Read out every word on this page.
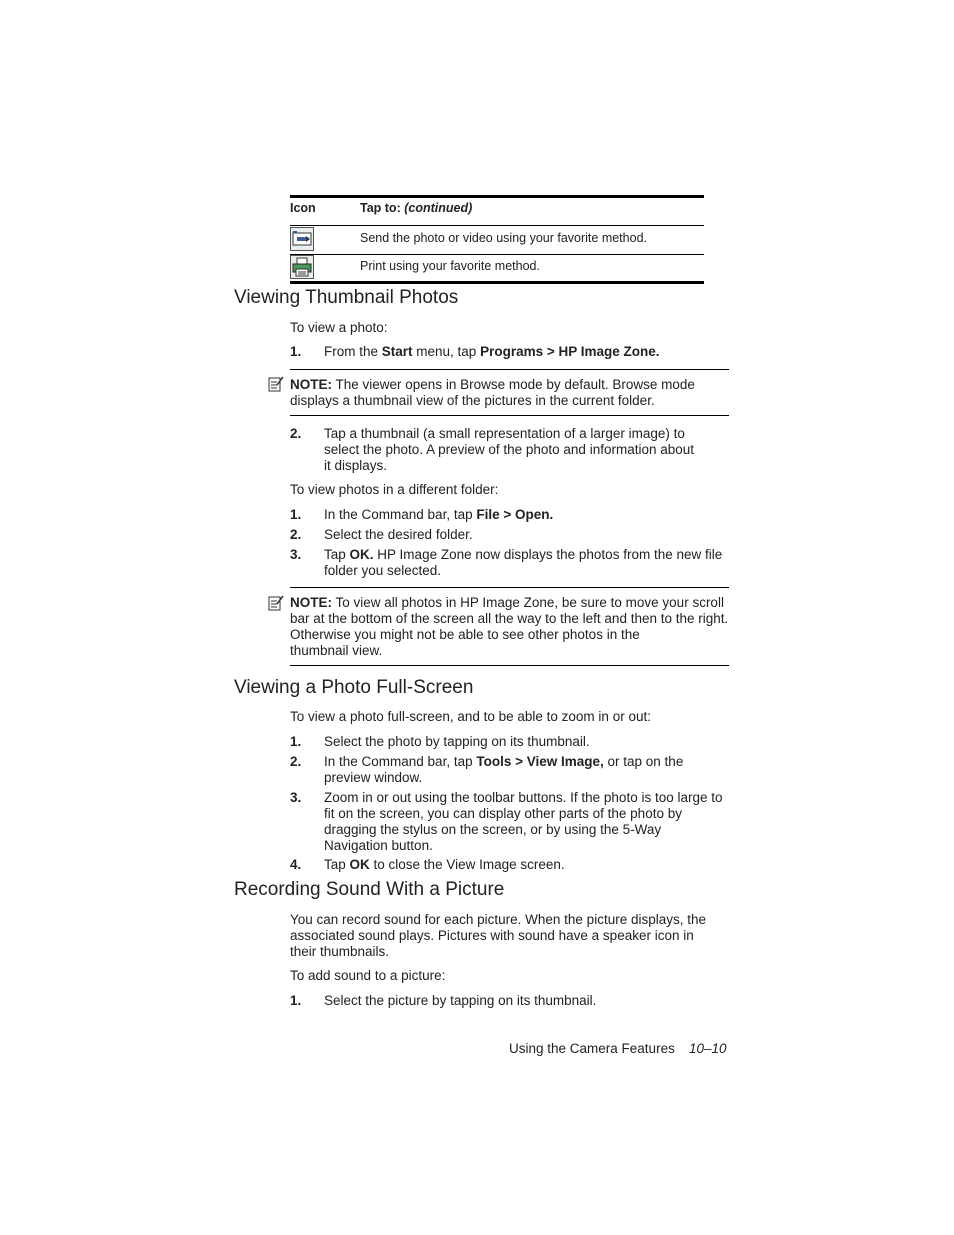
Icon	Tap to: (continued)
Send the photo or video using your favorite method.
Print using your favorite method.
Viewing Thumbnail Photos
To view a photo:
1. From the Start menu, tap Programs > HP Image Zone.
NOTE: The viewer opens in Browse mode by default. Browse mode
displays a thumbnail view of the pictures in the current folder.
2. Tap a thumbnail (a small representation of a larger image) to
select the photo. A preview of the photo and information about
it displays.
To view photos in a different folder:
1. In the Command bar, tap File > Open.
2. Select the desired folder.
3. Tap OK. HP Image Zone now displays the photos from the new file
folder you selected.
NOTE: To view all photos in HP Image Zone, be sure to move your scroll
bar at the bottom of the screen all the way to the left and then to the right.
Otherwise you might not be able to see other photos in the
thumbnail view.
Viewing a Photo Full-Screen
To view a photo full-screen, and to be able to zoom in or out:
1. Select the photo by tapping on its thumbnail.
2. In the Command bar, tap Tools > View Image, or tap on the
preview window.
3. Zoom in or out using the toolbar buttons. If the photo is too large to
fit on the screen, you can display other parts of the photo by
dragging the stylus on the screen, or by using the 5-Way
Navigation button.
4. Tap OK to close the View Image screen.
Recording Sound With a Picture
You can record sound for each picture. When the picture displays, the
associated sound plays. Pictures with sound have a speaker icon in
their thumbnails.
To add sound to a picture:
1. Select the picture by tapping on its thumbnail.
Using the Camera Features 10–10
